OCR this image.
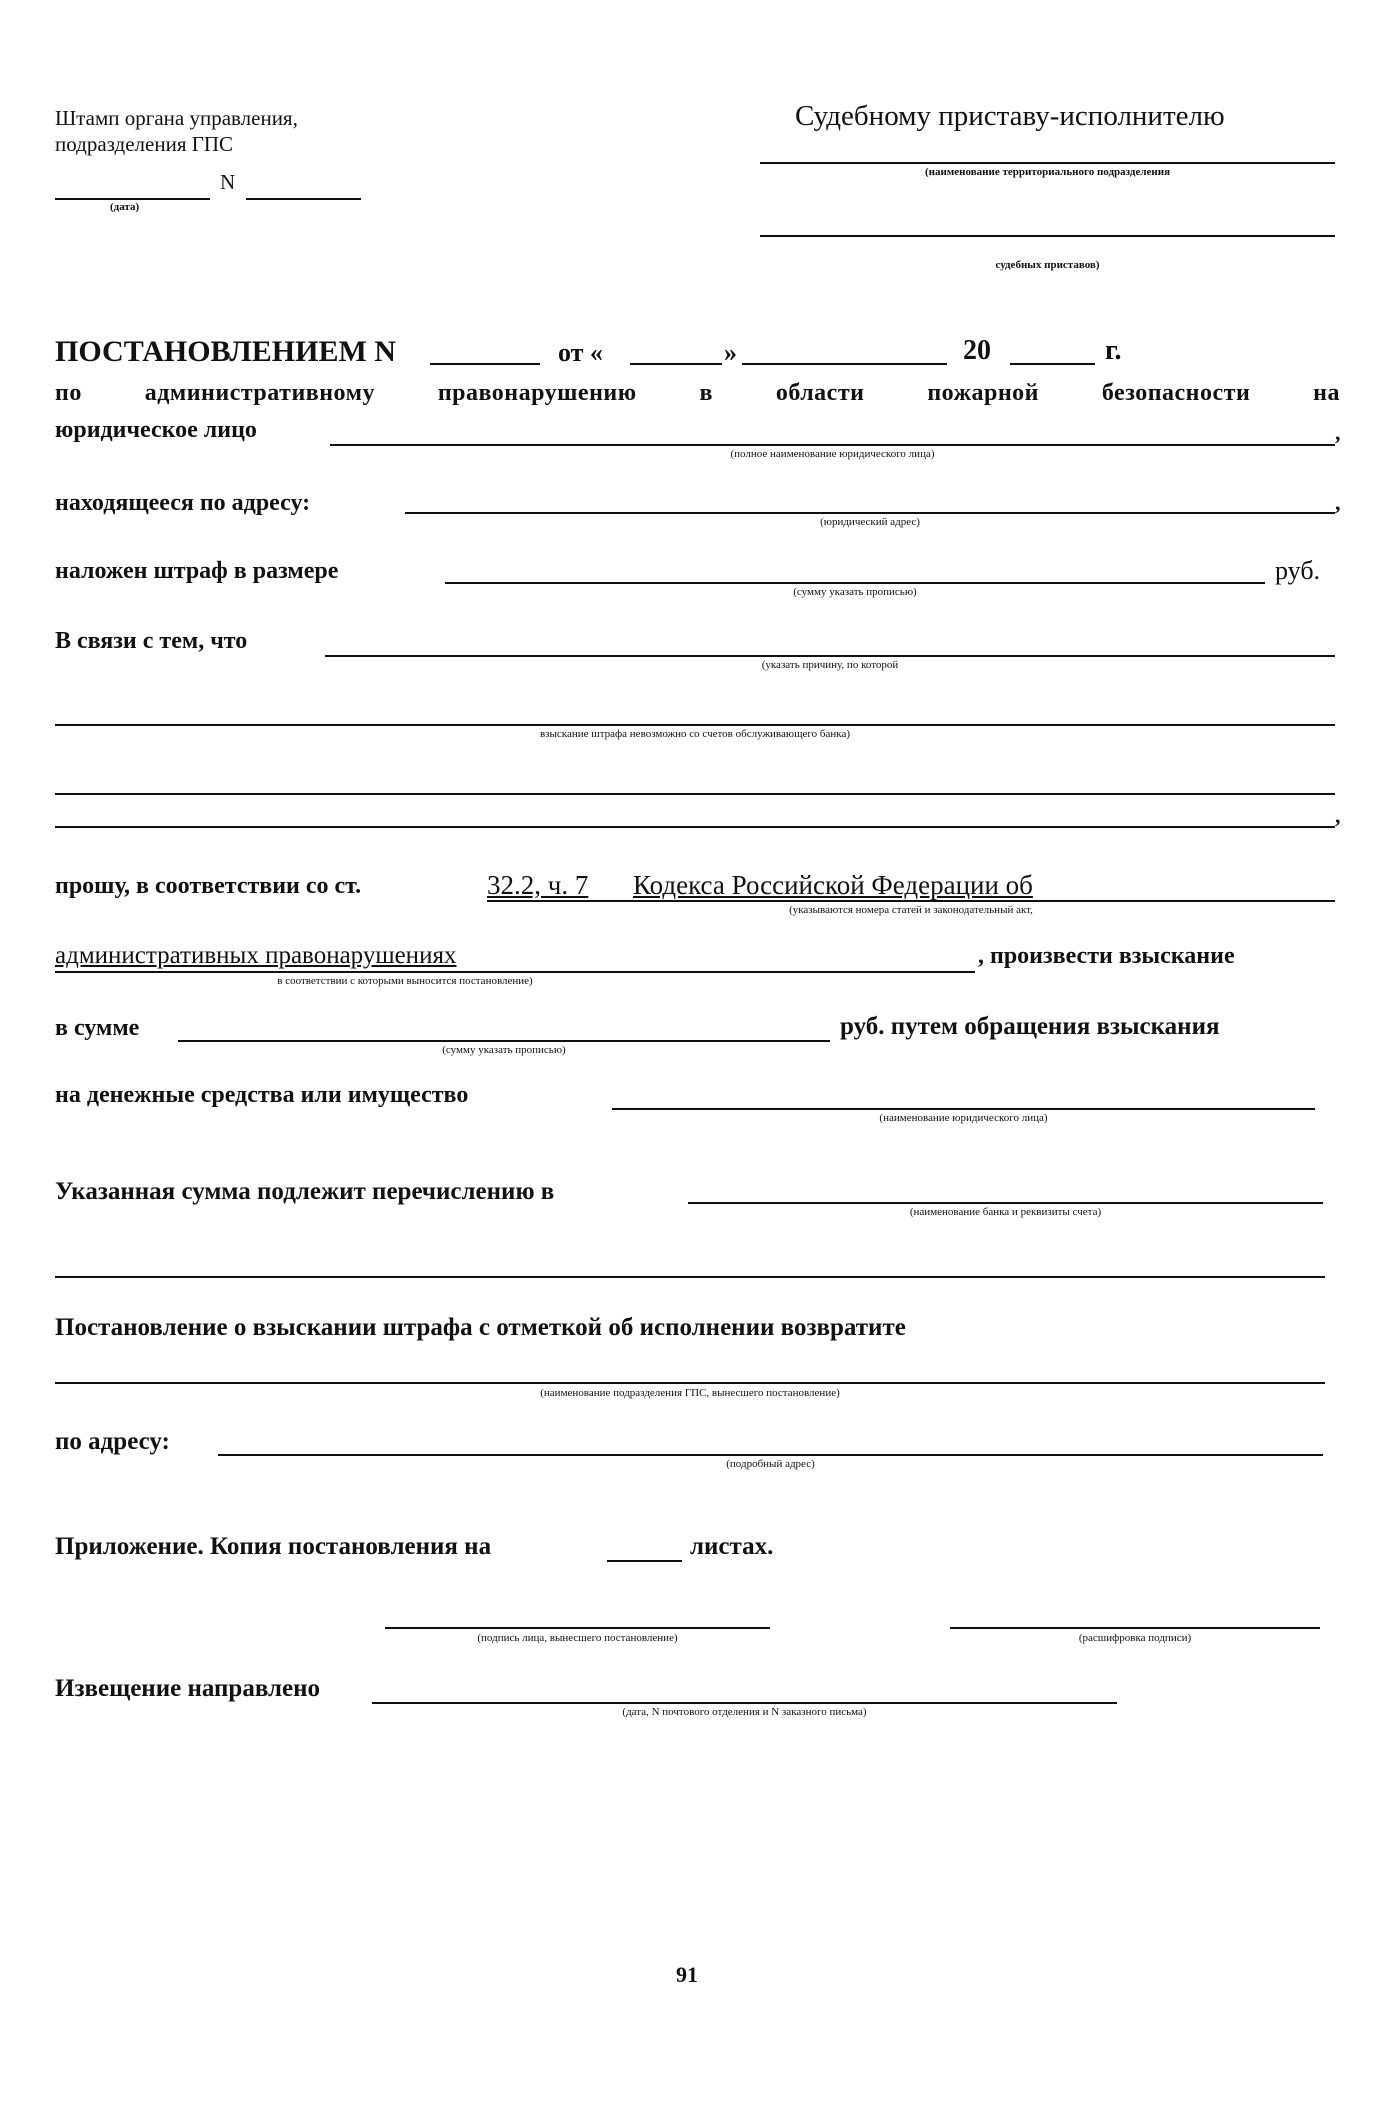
Штамп органа управления,
подразделения ГПС
N
(дата)
Судебному приставу-исполнителю
(наименование территориального подразделения
судебных приставов)
ПОСТАНОВЛЕНИЕМ N	от «	»	20	г.
по административному правонарушению в области пожарной безопасности на
юридическое лицо	,
(полное наименование юридического лица)
находящееся по адресу:	,
(юридический адрес)
наложен штраф в размере	руб.
(сумму указать прописью)
В связи с тем, что
(указать причину, по которой
взыскание штрафа невозможно со счетов обслуживающего банка)
,
прошу, в соответствии со ст.	32.2, ч. 7 Кодекса Российской Федерации об
(указываются номера статей и законодательный акт,
административных правонарушениях
в соответствии с которыми выносится постановление)
, произвести взыскание
в сумме
(сумму указать прописью)
руб. путем обращения взыскания
на денежные средства или имущество
(наименование юридического лица)
Указанная сумма подлежит перечислению в
(наименование банка и реквизиты счета)
Постановление о взыскании штрафа с отметкой об исполнении возвратите
(наименование подразделения ГПС, вынесшего постановление)
по адресу:
(подробный адрес)
Приложение. Копия постановления на	листах.
(подпись лица, вынесшего постановление)	(расшифровка подписи)
Извещение направлено
(дата, N почтового отделения и N заказного письма)
91
